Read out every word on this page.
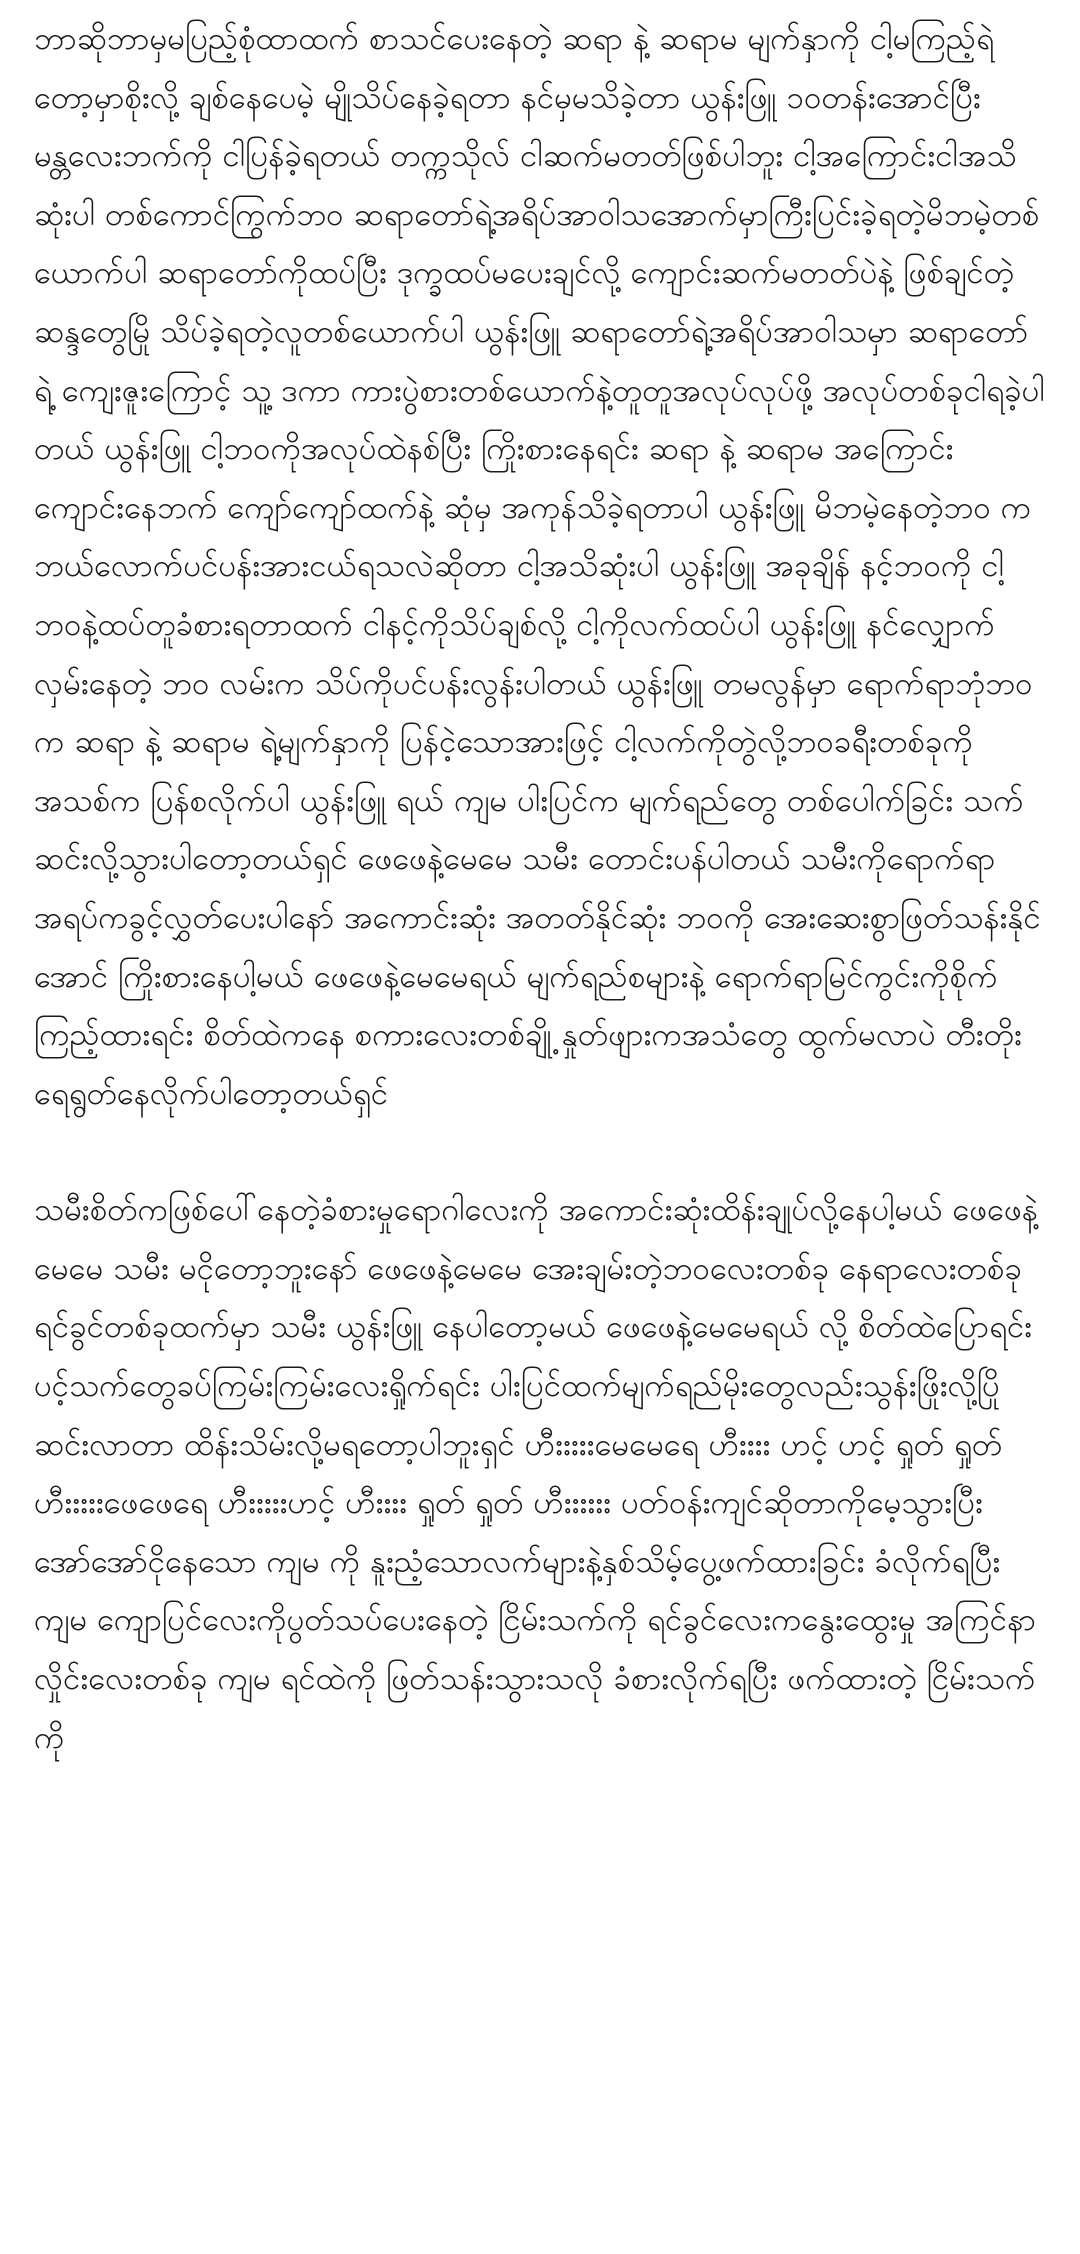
ဘာဆိုဘာမှမပြည့်စုံထာထက် စာသင်ပေးနေတဲ့ ဆရာ နဲ့ ဆရာမ မျက်နှာကို ငါ့မကြည့်ရဲတော့မှာစိုးလို့ ချစ်နေပေမဲ့ မျိုသိပ်နေခဲ့ရတာ နင်မှမသိခဲ့တာ ယွန်းဖြူ ၁၀တန်းအောင်ပြီး မန္တလေးဘက်ကို ငါပြန်ခဲ့ရတယ် တက္ကသိုလ် ငါဆက်မတတ်ဖြစ်ပါဘူး ငါ့အကြောင်းငါအသိဆုံးပါ တစ်ကောင်ကြွက်ဘဝ ဆရာတော်ရဲ့အရိပ်အာဝါသအောက်မှာကြီးပြင်းခဲ့ရတဲ့မိဘမဲ့တစ်ယောက်ပါ ဆရာတော်ကိုထပ်ပြီး ဒုက္ခထပ်မပေးချင်လို့ ကျောင်းဆက်မတတ်ပဲနဲ့ ဖြစ်ချင်တဲ့ဆန္ဒတွေမြို သိပ်ခဲ့ရတဲ့လူတစ်ယောက်ပါ ယွန်းဖြူ ဆရာတော်ရဲ့အရိပ်အာဝါသမှာ ဆရာတော်ရဲ့ ကျေးဇူးကြောင့် သူ့ ဒကာ ကားပွဲစားတစ်ယောက်နဲ့တူတူအလုပ်လုပ်ဖို့ အလုပ်တစ်ခုငါရခဲ့ပါတယ် ယွန်းဖြူ ငါ့ဘဝကိုအလုပ်ထဲနစ်ပြီး ကြိုးစားနေရင်း ဆရာ နဲ့ ဆရာမ အကြောင်း ကျောင်းနေဘက် ကျော်ကျော်ထက်နဲ့ ဆုံမှ အကုန်သိခဲ့ရတာပါ ယွန်းဖြူ မိဘမဲ့နေတဲ့ဘဝ က ဘယ်လောက်ပင်ပန်းအားငယ်ရသလဲဆိုတာ ငါ့အသိဆုံးပါ ယွန်းဖြူ အခုချိန် နင့်ဘဝကို ငါ့ဘဝနဲ့ထပ်တူခံစားရတာထက် ငါနင့်ကိုသိပ်ချစ်လို့ ငါ့ကိုလက်ထပ်ပါ ယွန်းဖြူ နင်လျှောက်လှမ်းနေတဲ့ ဘဝ လမ်းက သိပ်ကိုပင်ပန်းလွန်းပါတယ် ယွန်းဖြူ တမလွန်မှာ ရောက်ရာဘုံဘဝက ဆရာ နဲ့ ဆရာမ ရဲ့မျက်နှာကို ပြန်ငဲ့သောအားဖြင့် ငါ့လက်ကိုတွဲလို့ဘဝခရီးတစ်ခုကိုအသစ်က ပြန်စလိုက်ပါ ယွန်းဖြူ ရယ် ကျမ ပါးပြင်က မျက်ရည်တွေ တစ်ပေါက်ခြင်း သက်ဆင်းလို့သွားပါတော့တယ်ရှင် ဖေဖေနဲ့မေမေ သမီး တောင်းပန်ပါတယ် သမီးကိုရောက်ရာအရပ်ကခွင့်လွှတ်ပေးပါနော် အကောင်းဆုံး အတတ်နိုင်ဆုံး ဘဝကို အေးဆေးစွာဖြတ်သန်းနိုင်အောင် ကြိုးစားနေပါ့မယ် ဖေဖေနဲ့မေမေရယ် မျက်ရည်စများနဲ့ ရောက်ရာမြင်ကွင်းကိုစိုက်ကြည့်ထားရင်း စိတ်ထဲကနေ စကားလေးတစ်ချို့ နှုတ်ဖျားကအသံတွေ ထွက်မလာပဲ တီးတိုးရေရွတ်နေလိုက်ပါတော့တယ်ရှင်

သမီးစိတ်ကဖြစ်ပေါ်နေတဲ့ခံစားမှုရောဂါလေးကို အကောင်းဆုံးထိန်းချုပ်လို့နေပါ့မယ် ဖေဖေနဲ့မေမေ သမီး မငိုတော့ဘူးနော် ဖေဖေနဲ့မေမေ အေးချမ်းတဲ့ဘဝလေးတစ်ခု နေရာလေးတစ်ခု ရင်ခွင်တစ်ခုထက်မှာ သမီး ယွန်းဖြူ နေပါတော့မယ် ဖေဖေနဲ့မေမေရယ် လို့ စိတ်ထဲပြောရင်း ပင့်သက်တွေခပ်ကြမ်းကြမ်းလေးရှိုက်ရင်း ပါးပြင်ထက်မျက်ရည်မိုးတွေလည်းသွန်းဖြိုးလို့ပြိုဆင်းလာတာ ထိန်းသိမ်းလို့မရတော့ပါဘူးရှင် ဟီးးးးးမေမေရေ ဟီးးးး ဟင့် ဟင့် ရှုတ် ရှုတ် ဟီးးးးးဖေဖေရေ ဟီးးးးးဟင့် ဟီးးးး ရှုတ် ရှုတ် ဟီးးးးးး ပတ်ဝန်းကျင်ဆိုတာကိုမေ့သွားပြီး အော်အော်ငိုနေသော ကျမ ကို နူးညံ့သောလက်များနဲ့နှစ်သိမ့်ပွေ့ဖက်ထားခြင်း ခံလိုက်ရပြီး ကျမ ကျောပြင်လေးကိုပွတ်သပ်ပေးနေတဲ့ ငြိမ်းသက်ကို ရင်ခွင်လေးကနွေးထွေးမှု အကြင်နာလှိုင်းလေးတစ်ခု ကျမ ရင်ထဲကို ဖြတ်သန်းသွားသလို ခံစားလိုက်ရပြီး ဖက်ထားတဲ့ ငြိမ်းသက်ကို
